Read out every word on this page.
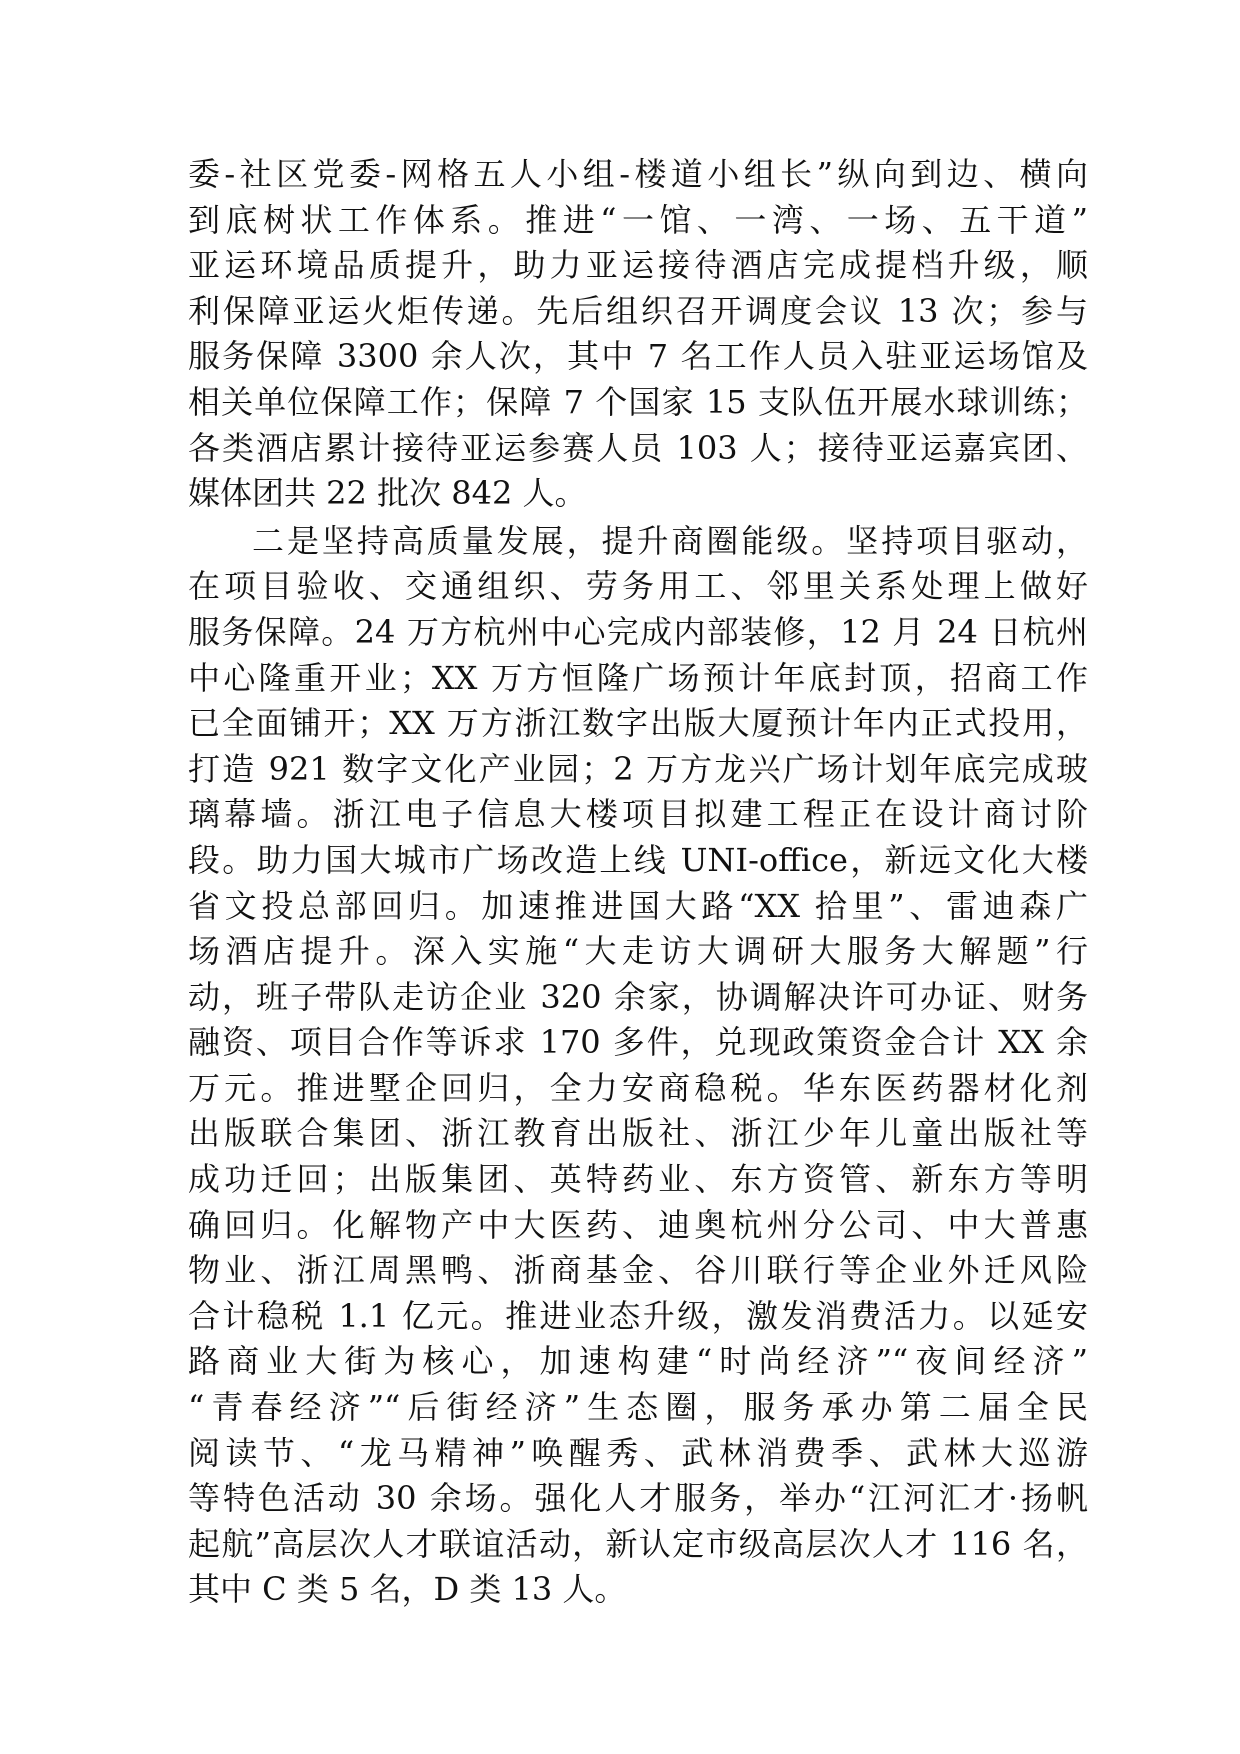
委-社区党委-网格五人小组-楼道小组长”纵向到边、横向
到底树状工作体系。推进“一馆、一湾、一场、五干道”
亚运环境品质提升，助力亚运接待酒店完成提档升级，顺
利保障亚运火炬传递。先后组织召开调度会议 13 次；参与
服务保障 3300 余人次，其中 7 名工作人员入驻亚运场馆及
相关单位保障工作；保障 7 个国家 15 支队伍开展水球训练；
各类酒店累计接待亚运参赛人员 103 人；接待亚运嘉宾团、
媒体团共 22 批次 842 人。
二是坚持高质量发展，提升商圈能级。坚持项目驱动，
在项目验收、交通组织、劳务用工、邻里关系处理上做好
服务保障。24 万方杭州中心完成内部装修，12 月 24 日杭州
中心隆重开业；XX 万方恒隆广场预计年底封顶，招商工作
已全面铺开；XX 万方浙江数字出版大厦预计年内正式投用，
打造 921 数字文化产业园；2 万方龙兴广场计划年底完成玻
璃幕墙。浙江电子信息大楼项目拟建工程正在设计商讨阶
段。助力国大城市广场改造上线 UNI-office，新远文化大楼
省文投总部回归。加速推进国大路“XX 拾里”、雷迪森广
场酒店提升。深入实施“大走访大调研大服务大解题”行
动，班子带队走访企业 320 余家，协调解决许可办证、财务
融资、项目合作等诉求 170 多件，兑现政策资金合计 XX 余
万元。推进墅企回归，全力安商稳税。华东医药器材化剂
出版联合集团、浙江教育出版社、浙江少年儿童出版社等
成功迁回；出版集团、英特药业、东方资管、新东方等明
确回归。化解物产中大医药、迪奥杭州分公司、中大普惠
物业、浙江周黑鸭、浙商基金、谷川联行等企业外迁风险
合计稳税 1.1 亿元。推进业态升级，激发消费活力。以延安
路商业大街为核心，加速构建“时尚经济”“夜间经济”
“青春经济”“后街经济”生态圈，服务承办第二届全民
阅读节、“龙马精神”唤醒秀、武林消费季、武林大巡游
等特色活动 30 余场。强化人才服务，举办“江河汇才·扬帆
起航”高层次人才联谊活动，新认定市级高层次人才 116 名，
其中 C 类 5 名，D 类 13 人。
